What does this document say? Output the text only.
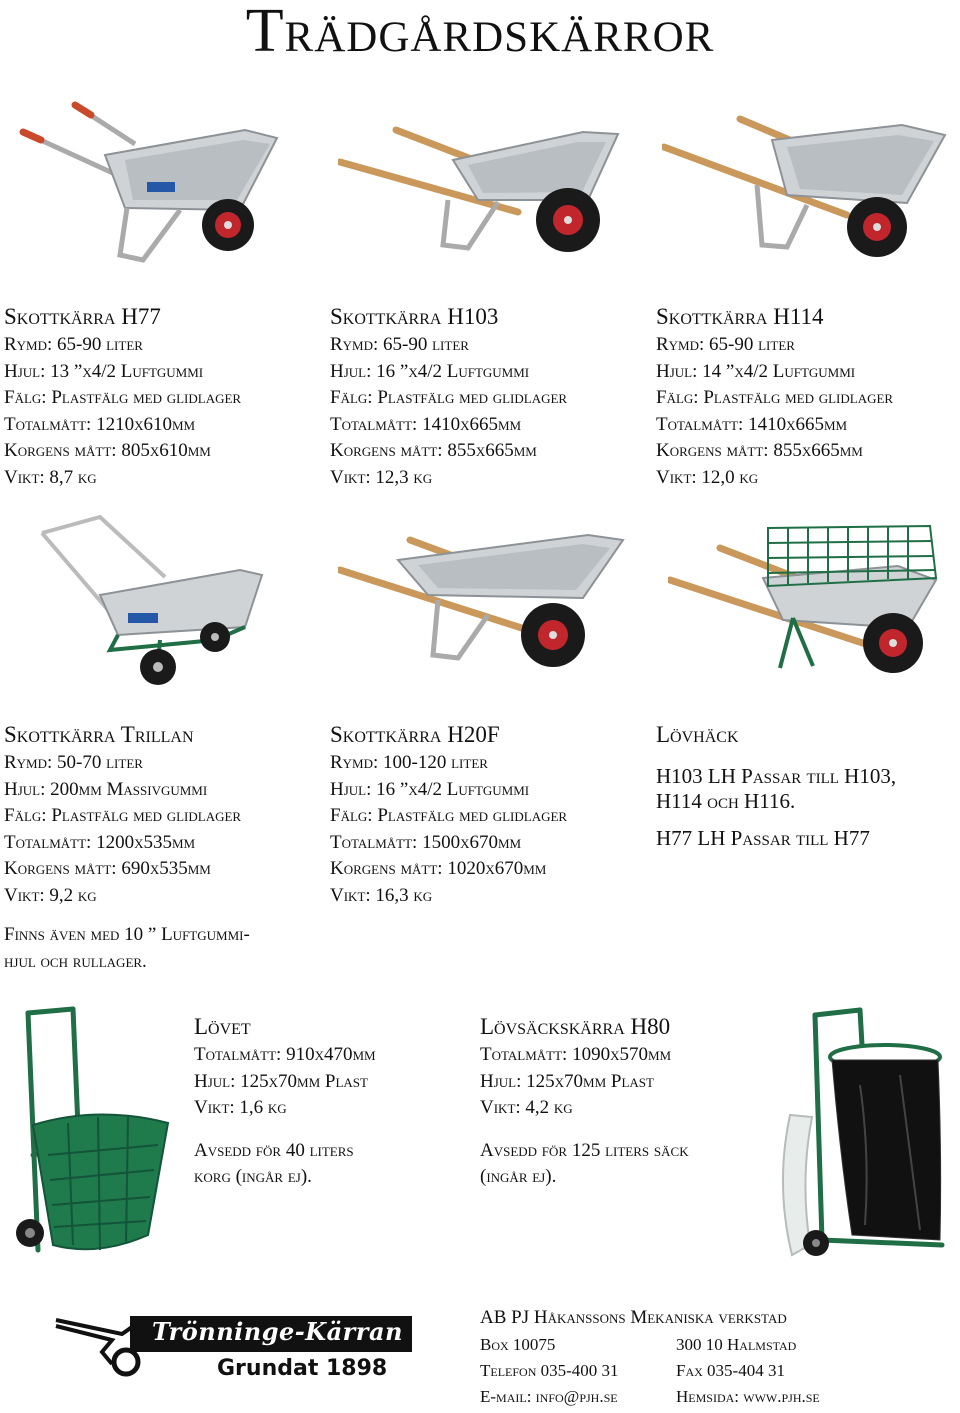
Trädgårdskärror
Skottkärra H77

Rymd: 65-90 liter

Hjul: 13 ”x4/2 Luftgummi

Fälg: Plastfälg med glidlager

Totalmått: 1210x610mm

Korgens mått: 805x610mm

Vikt: 8,7 kg

Skottkärra H103

Rymd: 65-90 liter

Hjul: 16 ”x4/2 Luftgummi

Fälg: Plastfälg med glidlager

Totalmått: 1410x665mm

Korgens mått: 855x665mm

Vikt: 12,3 kg

Skottkärra H114

Rymd: 65-90 liter

Hjul: 14 ”x4/2 Luftgummi

Fälg: Plastfälg med glidlager

Totalmått: 1410x665mm

Korgens mått: 855x665mm

Vikt: 12,0 kg

Skottkärra Trillan

Rymd: 50-70 liter

Hjul: 200mm Massivgummi

Fälg: Plastfälg med glidlager

Totalmått: 1200x535mm

Korgens mått: 690x535mm

Vikt: 9,2 kg

Finns även med 10 ” Luftgummi-

hjul och rullager.

Skottkärra H20F

Rymd: 100-120 liter

Hjul: 16 ”x4/2 Luftgummi

Fälg: Plastfälg med glidlager

Totalmått: 1500x670mm

Korgens mått: 1020x670mm

Vikt: 16,3 kg

Lövhäck

H103 LH Passar till H103,

H114 och H116.

H77 LH Passar till H77

Lövet

Totalmått: 910x470mm

Hjul: 125x70mm Plast

Vikt: 1,6 kg

Avsedd för 40 liters

korg (ingår ej).

Lövsäckskärra H80

Totalmått: 1090x570mm

Hjul: 125x70mm Plast

Vikt: 4,2 kg

Avsedd för 125 liters säck

(ingår ej).

Trönninge-Kärran
Grundat 1898
AB PJ Håkanssons Mekaniska verkstad
Box 10075	300 10 Halmstad
Telefon 035-400 31	Fax 035-404 31
E-mail: info@pjh.se	Hemsida: www.pjh.se
